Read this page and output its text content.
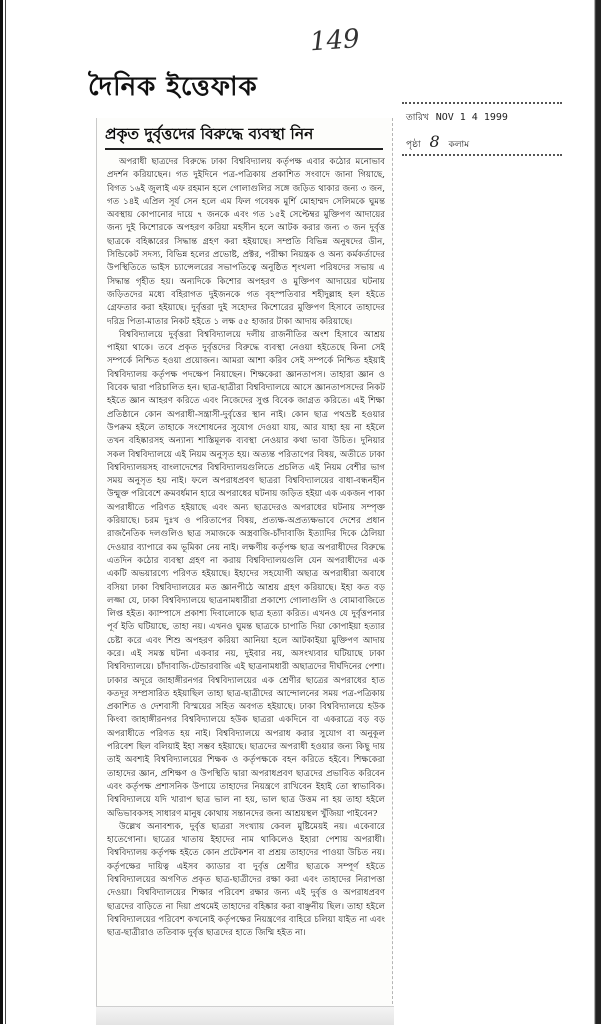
149
দৈনিক ইত্তেফাক
তারিখ NOV 1 4 1999
পৃষ্ঠা 8 কলাম
প্রকৃত দুর্বৃত্তদের বিরুদ্ধে ব্যবস্থা নিন

অপরাধী ছাত্রদের বিরুদ্ধে ঢাকা বিশ্ববিদ্যালয় কর্তৃপক্ষ এবার কঠোর মনোভাব প্রদর্শন করিয়াছেন। গত দুইদিনে পত্র-পত্রিকায় প্রকাশিত সংবাদে জানা গিয়াছে, বিগত ১৬ই জুলাই এফ রহমান হলে গোলাগুলির সঙ্গে জড়িত থাকার জন্য ৩ জন, গত ১৪ই এপ্রিল সূর্য সেন হলে এম ফিল গবেষক মুর্শি মোহাম্মদ সেলিমকে ঘুমন্ত অবস্থায় কোপানোর দায়ে ৭ জনকে এবং গত ১৫ই সেপ্টেম্বর মুক্তিপণ আদায়ের জন্য দুই কিশোরকে অপহরণ করিয়া মহসীন হলে আটক করার জন্য ৩ জন দুর্বৃত্ত ছাত্রকে বহিষ্কারের সিদ্ধান্ত গ্রহণ করা হইয়াছে। সম্প্রতি বিভিন্ন অনুষদের ডীন, সিন্ডিকেট সদস্য, বিভিন্ন হলের প্রভোষ্ট, প্রক্টর, পরীক্ষা নিয়ন্ত্রক ও অন্য কর্মকর্তাদের উপস্থিতিতে ভাইস চ্যান্সেলরের সভাপতিত্বে অনুষ্ঠিত শৃংখলা পরিষদের সভায় এ সিদ্ধান্ত গৃহীত হয়। অন্যদিকে কিশোর অপহরণ ও মুক্তিপণ আদায়ের ঘটনায় জড়িতদের মধ্যে বহিরাগত দুইজনকে গত বৃহস্পতিবার শহীদুল্লাহ হল হইতে গ্রেফতার করা হইয়াছে। দুর্বৃত্তরা দুই সহোদর কিশোরের মুক্তিপণ হিসাবে তাহাদের দরিদ্র পিতা-মাতার নিকট হইতে ১ লক্ষ ৫৫ হাজার টাকা আদায় করিয়াছে।

বিশ্ববিদ্যালয়ে দুর্বৃত্তরা বিশ্ববিদ্যালয়ে দলীয় রাজনীতির অংশ হিসাবে আশ্রয় পাইয়া থাকে। তবে প্রকৃত দুর্বৃত্তদের বিরুদ্ধে ব্যবস্থা নেওয়া হইতেছে কিনা সেই সম্পর্কে নিশ্চিত হওয়া প্রয়োজন। আমরা আশা করিব সেই সম্পর্কে নিশ্চিত হইয়াই বিশ্ববিদ্যালয় কর্তৃপক্ষ পদক্ষেপ নিয়াছেন। শিক্ষকেরা জ্ঞানতাপস। তাহারা জ্ঞান ও বিবেক দ্বারা পরিচালিত হন। ছাত্র-ছাত্রীরা বিশ্ববিদ্যালয়ে আসে জ্ঞানতাপসদের নিকট হইতে জ্ঞান আহরণ করিতে এবং নিজেদের সুপ্ত বিবেক জাগ্রত করিতে। এই শিক্ষা প্রতিষ্ঠানে কোন অপরাধী-সন্ত্রাসী-দুর্বৃত্তের স্থান নাই। কোন ছাত্র পথভ্রষ্ট হওয়ার উপক্রম হইলে তাহাকে সংশোধনের সুযোগ দেওয়া যায়, আর যাহা হয় না হইলে তখন বহিষ্কারসহ অন্যান্য শাস্তিমূলক ব্যবস্থা নেওয়ার কথা ভাবা উচিত। দুনিয়ার সকল বিশ্ববিদ্যালয়ে এই নিয়ম অনুসৃত হয়। অত্যন্ত পরিতাপের বিষয়, অতীতে ঢাকা বিশ্ববিদ্যালয়সহ বাংলাদেশের বিশ্ববিদ্যালয়গুলিতে প্রচলিত এই নিয়ম বেশীর ভাগ সময় অনুসৃত হয় নাই। ফলে অপরাধপ্রবণ ছাত্ররা বিশ্ববিদ্যালয়ের বাধা-বন্ধনহীন উন্মুক্ত পরিবেশে ক্রমবর্ধমান হারে অপরাধের ঘটনায় জড়িত হইয়া এক একজন পাকা অপরাধীতে পরিণত হইয়াছে এবং অন্য ছাত্রদেরও অপরাধের ঘটনায় সম্পৃক্ত করিয়াছে। চরম দুঃখ ও পরিতাপের বিষয়, প্রত্যক্ষ-অপ্রত্যক্ষভাবে দেশের প্রধান রাজনৈতিক দলগুলিও ছাত্র সমাজকে অস্ত্রবাজি-চাঁদাবাজি ইত্যাদির দিকে ঠেলিয়া দেওয়ার ব্যাপারে কম ভূমিকা নেয় নাই। লক্ষণীয় কর্তৃপক্ষ ছাত্র অপরাধীদের বিরুদ্ধে এতদিন কঠোর ব্যবস্থা গ্রহণ না করায় বিশ্ববিদ্যালয়গুলি যেন অপরাধীদের এক একটি অভয়ারণ্যে পরিণত হইয়াছে। ইহাদের সহযোগী অছাত্র অপরাধীরা অবাধে বসিয়া ঢাকা বিশ্ববিদ্যালয়ের মত জ্ঞানপীঠে আশ্রয় গ্রহণ করিয়াছে। ইহা কত বড় লজ্জা যে, ঢাকা বিশ্ববিদ্যালয়ে ছাত্রনামধারীরা প্রকাশ্যে গোলাগুলি ও বোমাবাজিতে লিপ্ত হইত। ক্যাম্পাসে প্রকাশ্য দিবালোকে ছাত্র হত্যা করিত। এখনও যে দুর্বৃত্তপনার পূর্ব ইতি ঘটিয়াছে, তাহা নয়। এখনও ঘুমন্ত ছাত্রকে চাপাতি দিয়া কোপাইয়া হত্যার চেষ্টা করে এবং শিশু অপহরণ করিয়া আনিয়া হলে আটকাইয়া মুক্তিপণ আদায় করে। এই সমস্ত ঘটনা একবার নয়, দুইবার নয়, অসংখ্যবার ঘটিয়াছে ঢাকা বিশ্ববিদ্যালয়ে। চাঁদাবাজি-টেন্ডারবাজি এই ছাত্রনামধারী অছাত্রদের দীর্ঘদিনের পেশা। ঢাকার অদূরে জাহাঙ্গীরনগর বিশ্ববিদ্যালয়ের এক শ্রেণীর ছাত্রের অপরাধের হাত কতদূর সম্প্রসারিত হইয়াছিল তাহা ছাত্র-ছাত্রীদের আন্দোলনের সময় পত্র-পত্রিকায় প্রকাশিত ও দেশবাসী বিস্ময়ের সহিত অবগত হইয়াছে। ঢাকা বিশ্ববিদ্যালয়ে হউক কিংবা জাহাঙ্গীরনগর বিশ্ববিদ্যালয়ে হউক ছাত্ররা একদিনে বা একরাত্রে বড় বড় অপরাধীতে পরিণত হয় নাই। বিশ্ববিদ্যালয়ে অপরাধ করার সুযোগ বা অনুকূল পরিবেশ ছিল বলিয়াই ইহা সম্ভব হইয়াছে। ছাত্রদের অপরাধী হওয়ার জন্য কিছু দায় তাই অবশ্যই বিশ্ববিদ্যালয়ের শিক্ষক ও কর্তৃপক্ষকে বহন করিতে হইবে। শিক্ষকেরা তাহাদের জ্ঞান, প্রশিক্ষণ ও উপস্থিতি দ্বারা অপরাধপ্রবণ ছাত্রদের প্রভাবিত করিবেন এবং কর্তৃপক্ষ প্রশাসনিক উপায়ে তাহাদের নিয়ন্ত্রণে রাখিবেন ইহাই তো স্বাভাবিক। বিশ্ববিদ্যালয়ে যদি খারাপ ছাত্র ভাল না হয়, ভাল ছাত্র উত্তম না হয় তাহা হইলে অভিভাবকসহ সাধারণ মানুষ কোথায় সন্তানদের জন্য আশ্রয়স্থল খুঁজিয়া পাইবেন?

উল্লেখ অনাবশ্যক, দুর্বৃত্ত ছাত্ররা সংখ্যায় কেবল মুষ্টিমেয়ই নয়। একেবারে হাতেগোনা। ছাত্রের খাতায় ইহাদের নাম থাকিলেও ইহারা পেশায় অপরাধী। বিশ্ববিদ্যালয় কর্তৃপক্ষ হইতে কোন প্রটেকশন বা প্রশ্রয় তাহাদের পাওয়া উচিত নয়। কর্তৃপক্ষের দায়িত্ব এইসব ক্যাডার বা দুর্বৃত্ত শ্রেণীর ছাত্রকে সম্পূর্ণ হইতে বিশ্ববিদ্যালয়ের অগণিত প্রকৃত ছাত্র-ছাত্রীদের রক্ষা করা এবং তাহাদের নিরাপত্তা দেওয়া। বিশ্ববিদ্যালয়ের শিক্ষার পরিবেশ রক্ষার জন্য এই দুর্বৃত্ত ও অপরাধপ্রবণ ছাত্রদের বাড়িতে না দিয়া প্রথমেই তাহাদের বহিষ্কার করা বাঞ্ছনীয় ছিল। তাহা হইলে বিশ্ববিদ্যালয়ের পরিবেশ কখনোই কর্তৃপক্ষের নিয়ন্ত্রণের বাহিরে চলিয়া যাইত না এবং ছাত্র-ছাত্রীরাও ততিবাক দুর্বৃত্ত ছাত্রদের হাতে জিম্মি হইত না।
